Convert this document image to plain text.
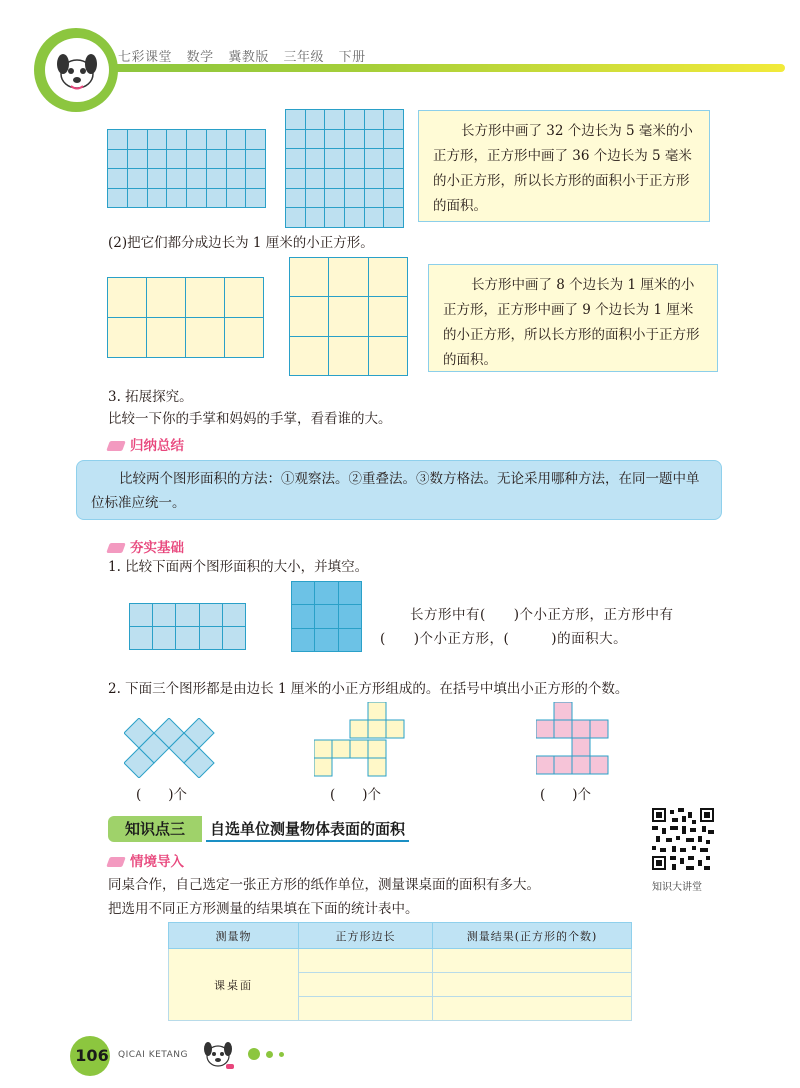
七彩课堂 数学 冀教版 三年级 下册
长方形中画了 32 个边长为 5 毫米的小正方形，正方形中画了 36 个边长为 5 毫米的小正方形，所以长方形的面积小于正方形的面积。
(2)把它们都分成边长为 1 厘米的小正方形。
长方形中画了 8 个边长为 1 厘米的小正方形，正方形中画了 9 个边长为 1 厘米的小正方形，所以长方形的面积小于正方形的面积。
3. 拓展探究。
比较一下你的手掌和妈妈的手掌，看看谁的大。
归纳总结
比较两个图形面积的方法：①观察法。②重叠法。③数方格法。无论采用哪种方法，在同一题中单位标准应统一。
夯实基础
1. 比较下面两个图形面积的大小，并填空。
长方形中有(　　)个小正方形，正方形中有
(　　)个小正方形，(　　　)的面积大。
2. 下面三个图形都是由边长 1 厘米的小正方形组成的。在括号中填出小正方形的个数。
(　　)个	(　　)个	(　　)个
知识点三	自选单位测量物体表面的面积
情境导入
同桌合作，自己选定一张正方形的纸作单位，测量课桌面的面积有多大。
把选用不同正方形测量的结果填在下面的统计表中。
知识大讲堂
测量物	正方形边长	测量结果(正方形的个数)
课桌面		

106	QICAI KETANG
